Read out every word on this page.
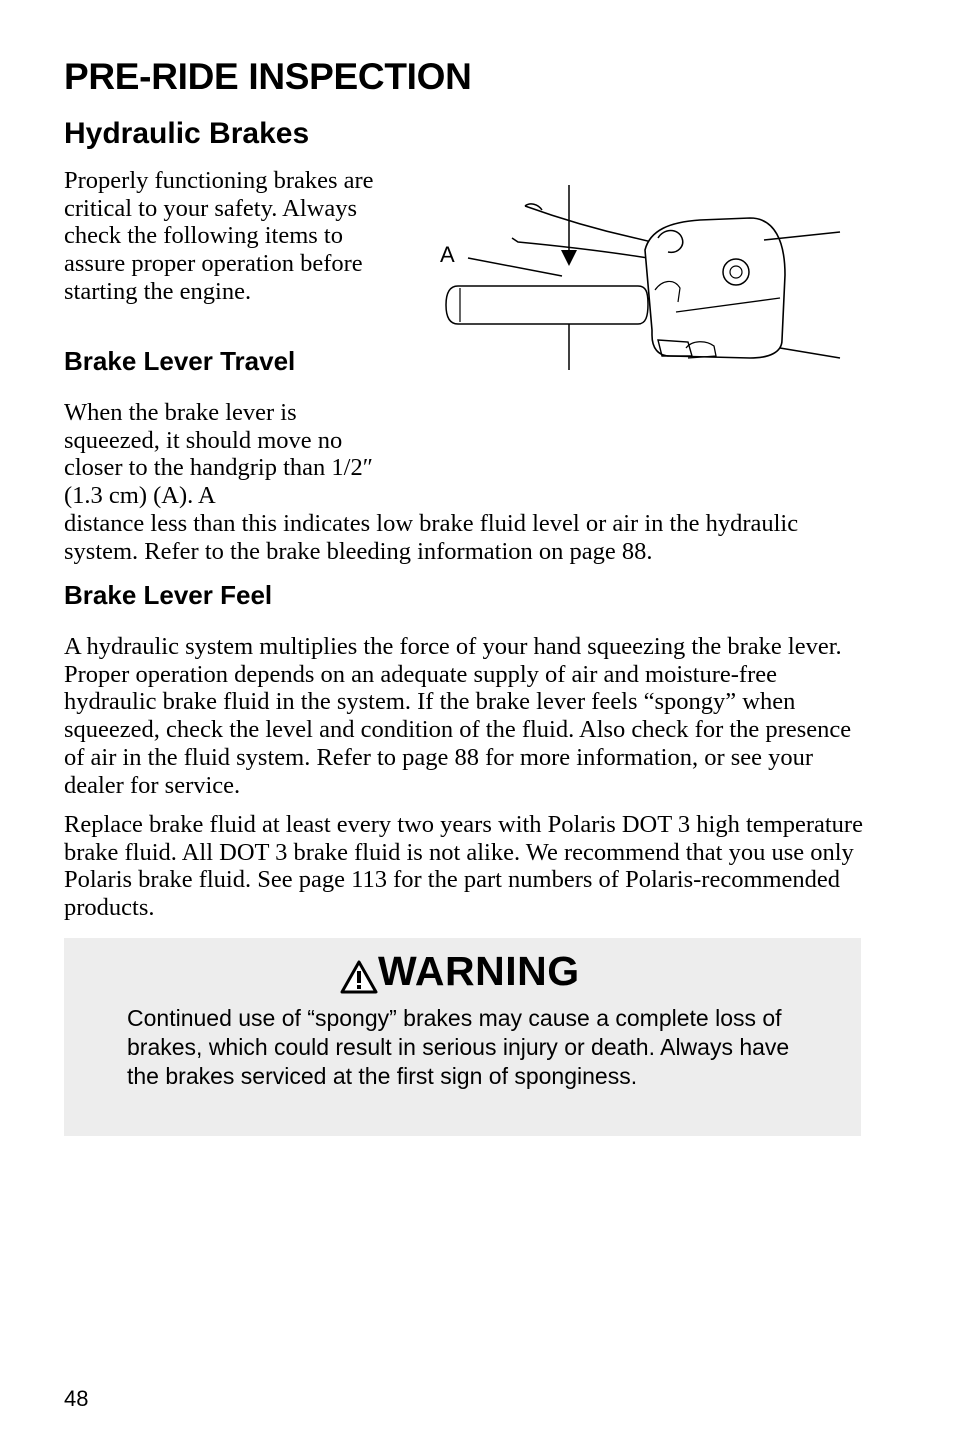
PRE-RIDE INSPECTION
Hydraulic Brakes

Properly functioning brakes are critical to your safety. Always check the following items to assure proper operation before starting the engine.

A
Brake Lever Travel

When the brake lever is squeezed, it should move no closer to the handgrip than 1/2″ (1.3 cm) (A). A
distance less than this indicates low brake fluid level or air in the hydraulic system. Refer to the brake bleeding information on page 88.

Brake Lever Feel

A hydraulic system multiplies the force of your hand squeezing the brake lever. Proper operation depends on an adequate supply of air and moisture-free hydraulic brake fluid in the system. If the brake lever feels “spongy” when squeezed, check the level and condition of the fluid. Also check for the presence of air in the fluid system. Refer to page 88 for more information, or see your dealer for service.

Replace brake fluid at least every two years with Polaris DOT 3 high temperature brake fluid. All DOT 3 brake fluid is not alike. We recommend that you use only Polaris brake fluid. See page 113 for the part numbers of Polaris-recommended products.

WARNING

Continued use of “spongy” brakes may cause a complete loss of brakes, which could result in serious injury or death. Always have the brakes serviced at the first sign of sponginess.

48
